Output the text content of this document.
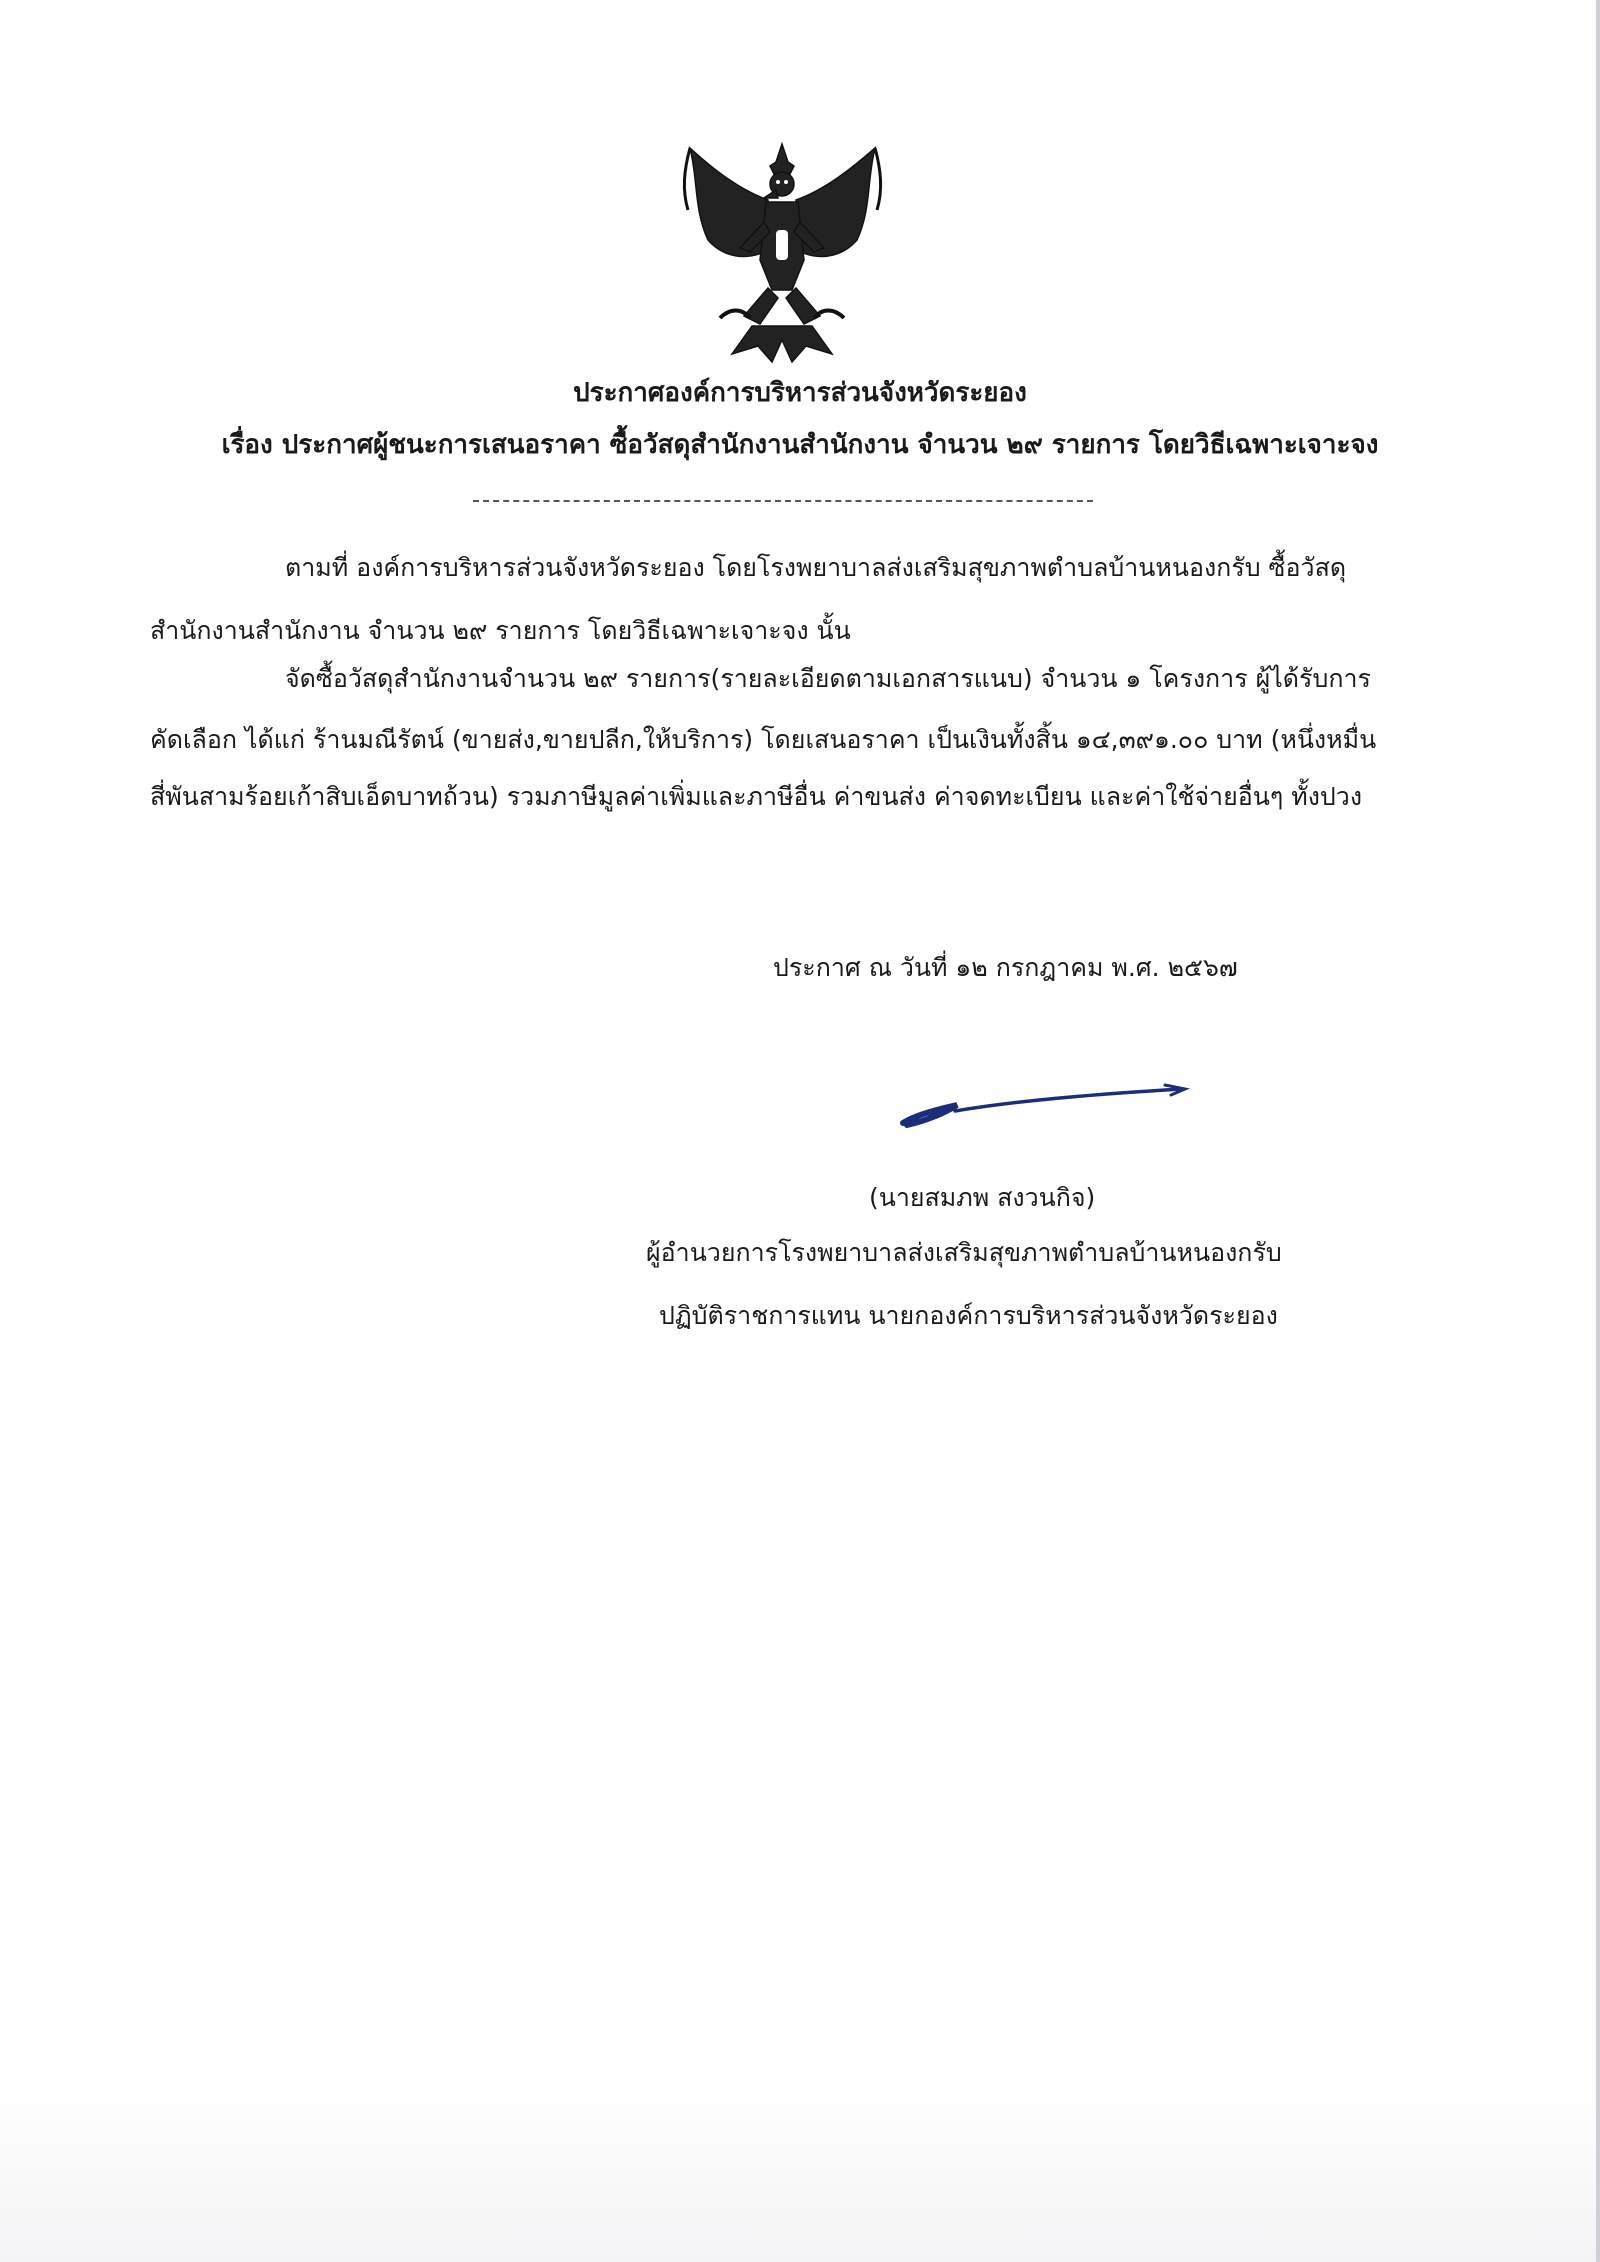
ประกาศองค์การบริหารส่วนจังหวัดระยอง
เรื่อง ประกาศผู้ชนะการเสนอราคา ซื้อวัสดุสำนักงานสำนักงาน จำนวน ๒๙ รายการ โดยวิธีเฉพาะเจาะจง
ตามที่ องค์การบริหารส่วนจังหวัดระยอง โดยโรงพยาบาลส่งเสริมสุขภาพตำบลบ้านหนองกรับ ซื้อวัสดุ
สำนักงานสำนักงาน จำนวน ๒๙ รายการ โดยวิธีเฉพาะเจาะจง นั้น
จัดซื้อวัสดุสำนักงานจำนวน ๒๙ รายการ(รายละเอียดตามเอกสารแนบ) จำนวน ๑ โครงการ ผู้ได้รับการ
คัดเลือก ได้แก่ ร้านมณีรัตน์ (ขายส่ง,ขายปลีก,ให้บริการ) โดยเสนอราคา เป็นเงินทั้งสิ้น ๑๔,๓๙๑.๐๐ บาท (หนึ่งหมื่น
สี่พันสามร้อยเก้าสิบเอ็ดบาทถ้วน) รวมภาษีมูลค่าเพิ่มและภาษีอื่น ค่าขนส่ง ค่าจดทะเบียน และค่าใช้จ่ายอื่นๆ ทั้งปวง
ประกาศ ณ วันที่ ๑๒ กรกฎาคม พ.ศ. ๒๕๖๗
(นายสมภพ สงวนกิจ)
ผู้อำนวยการโรงพยาบาลส่งเสริมสุขภาพตำบลบ้านหนองกรับ
ปฏิบัติราชการแทน นายกองค์การบริหารส่วนจังหวัดระยอง
